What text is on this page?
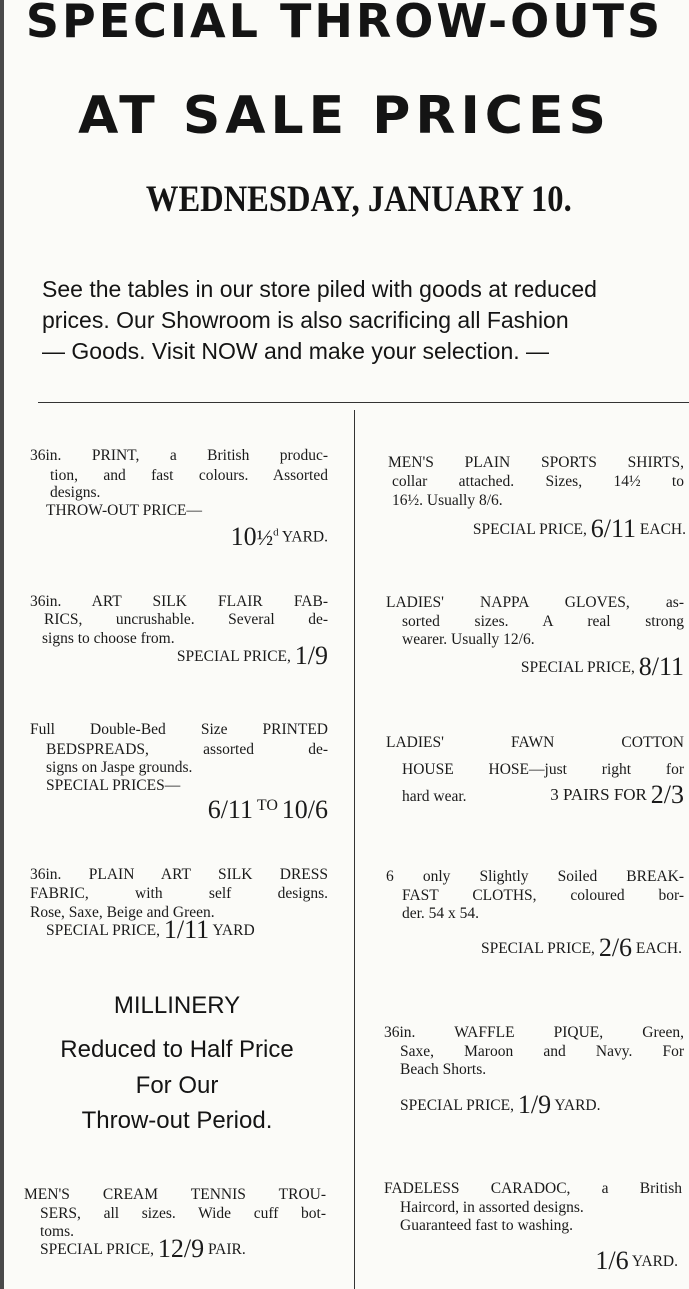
SPECIAL THROW-OUTS
AT SALE PRICES
WEDNESDAY, JANUARY 10.
See the tables in our store piled with goods at reduced
prices. Our Showroom is also sacrificing all Fashion
— Goods. Visit NOW and make your selection. —
36in. PRINT, a British produc-
tion, and fast colours. Assorted
designs.
THROW-OUT PRICE—
10½$^d$ YARD.
36in. ART SILK FLAIR FAB-
RICS, uncrushable. Several de-
signs to choose from.
SPECIAL PRICE, 1/9
Full Double-Bed Size PRINTED
BEDSPREADS, assorted de-
signs on Jaspe grounds.
SPECIAL PRICES—
6/11 TO 10/6
36in. PLAIN ART SILK DRESS
FABRIC, with self designs.
Rose, Saxe, Beige and Green.
SPECIAL PRICE, 1/11 YARD
MILLINERY
Reduced to Half Price
For Our
Throw-out Period.
MEN'S CREAM TENNIS TROU-
SERS, all sizes. Wide cuff bot-
toms.
SPECIAL PRICE, 12/9 PAIR.
MEN'S PLAIN SPORTS SHIRTS,
collar attached. Sizes, 14½ to
16½. Usually 8/6.
SPECIAL PRICE, 6/11 EACH.
LADIES' NAPPA GLOVES, as-
sorted sizes. A real strong
wearer. Usually 12/6.
SPECIAL PRICE, 8/11
LADIES' FAWN COTTON
HOUSE HOSE—just right for
hard wear.	3 PAIRS FOR 2/3
6 only Slightly Soiled BREAK-
FAST CLOTHS, coloured bor-
der. 54 x 54.
SPECIAL PRICE, 2/6 EACH.
36in. WAFFLE PIQUE, Green,
Saxe, Maroon and Navy. For
Beach Shorts.
SPECIAL PRICE, 1/9 YARD.
FADELESS CARADOC, a British
Haircord, in assorted designs.
Guaranteed fast to washing.
1/6 YARD.
